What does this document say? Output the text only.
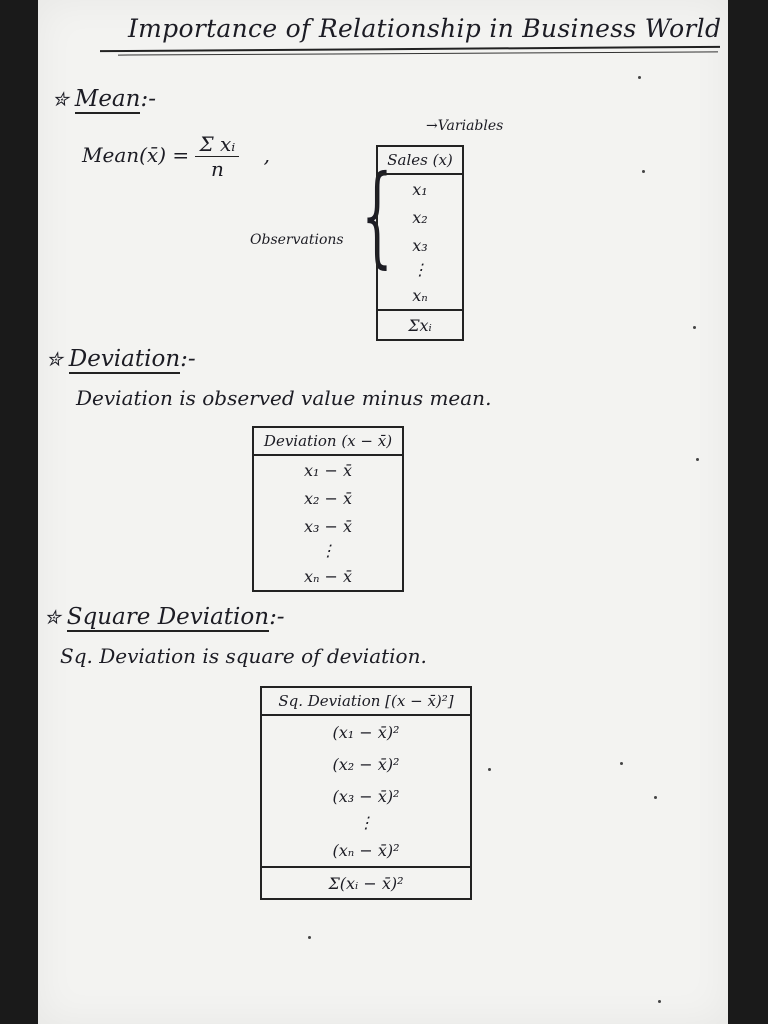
Importance of Relationship in Business World
✮ Mean:-
Mean(x̄) = $\frac{\text{Σ xᵢ}}{n}$ ,
→Variables
{
Observations
Sales (x)
x₁
x₂
x₃
⋮
xₙ
Σxᵢ
✮ Deviation:-
Deviation is observed value minus mean.
Deviation (x − x̄)
x₁ − x̄
x₂ − x̄
x₃ − x̄
⋮
xₙ − x̄
✮ Square Deviation:-
Sq. Deviation is square of deviation.
Sq. Deviation [(x − x̄)²]
(x₁ − x̄)²
(x₂ − x̄)²
(x₃ − x̄)²
⋮
(xₙ − x̄)²
Σ(xᵢ − x̄)²
